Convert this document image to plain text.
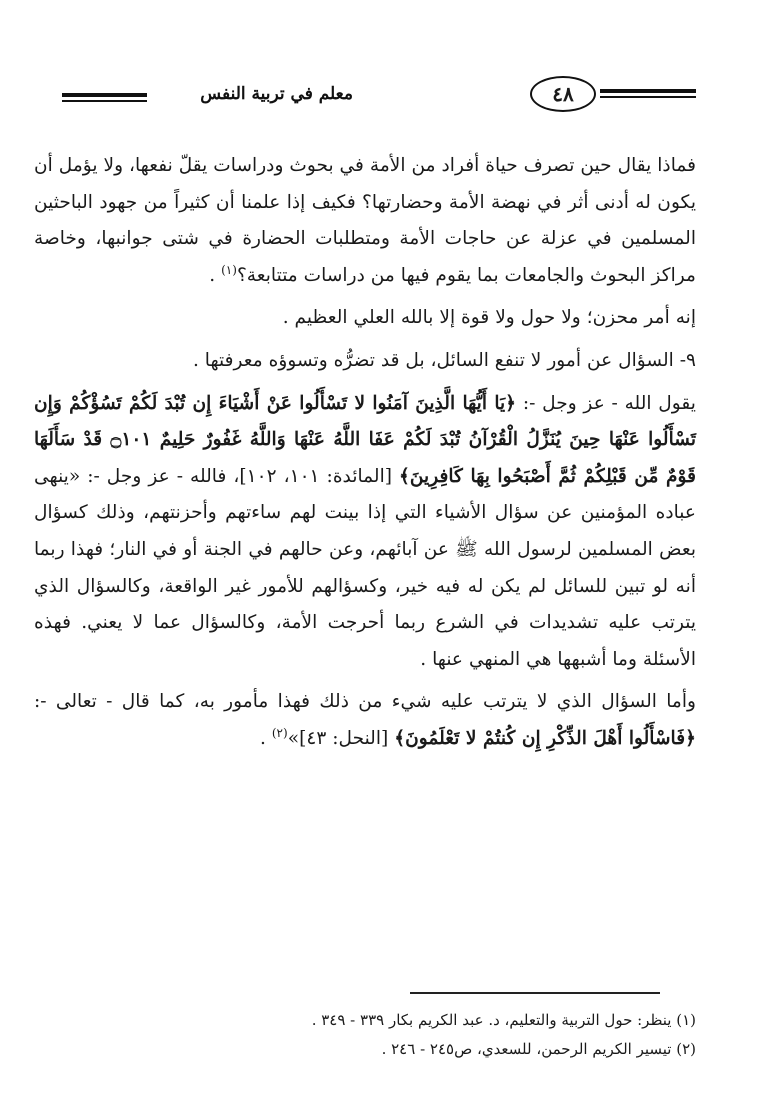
معلم في تربية النفس	٤٨

فماذا يقال حين تصرف حياة أفراد من الأمة في بحوث ودراسات يقلّ نفعها، ولا يؤمل أن يكون له أدنى أثر في نهضة الأمة وحضارتها؟ فكيف إذا علمنا أن كثيراً من جهود الباحثين المسلمين في عزلة عن حاجات الأمة ومتطلبات الحضارة في شتى جوانبها، وخاصة مراكز البحوث والجامعات بما يقوم فيها من دراسات متتابعة؟$^{(١)}$ .

إنه أمر محزن؛ ولا حول ولا قوة إلا بالله العلي العظيم .

٩- السؤال عن أمور لا تنفع السائل، بل قد تضرُّه وتسوؤه معرفتها .

يقول الله - عز وجل -: ﴿يَا أَيُّهَا الَّذِينَ آمَنُوا لا تَسْأَلُوا عَنْ أَشْيَاءَ إِن تُبْدَ لَكُمْ تَسُؤْكُمْ وَإِن تَسْأَلُوا عَنْهَا حِينَ يُنَزَّلُ الْقُرْآنُ تُبْدَ لَكُمْ عَفَا اللَّهُ عَنْهَا وَاللَّهُ غَفُورٌ حَلِيمٌ ۝١٠١ قَدْ سَأَلَهَا قَوْمٌ مِّن قَبْلِكُمْ ثُمَّ أَصْبَحُوا بِهَا كَافِرِينَ﴾ [المائدة: ١٠١، ١٠٢]، فالله - عز وجل -: «ينهى عباده المؤمنين عن سؤال الأشياء التي إذا بينت لهم ساءتهم وأحزنتهم، وذلك كسؤال بعض المسلمين لرسول الله ﷺ عن آبائهم، وعن حالهم في الجنة أو في النار؛ فهذا ربما أنه لو تبين للسائل لم يكن له فيه خير، وكسؤالهم للأمور غير الواقعة، وكالسؤال الذي يترتب عليه تشديدات في الشرع ربما أحرجت الأمة، وكالسؤال عما لا يعني. فهذه الأسئلة وما أشبهها هي المنهي عنها .

وأما السؤال الذي لا يترتب عليه شيء من ذلك فهذا مأمور به، كما قال - تعالى -: ﴿فَاسْأَلُوا أَهْلَ الذِّكْرِ إِن كُنتُمْ لا تَعْلَمُونَ﴾ [النحل: ٤٣]»$^{(٢)}$ .

(١) ينظر: حول التربية والتعليم، د. عبد الكريم بكار ٣٣٩ - ٣٤٩ .
(٢) تيسير الكريم الرحمن، للسعدي، ص٢٤٥ - ٢٤٦ .
